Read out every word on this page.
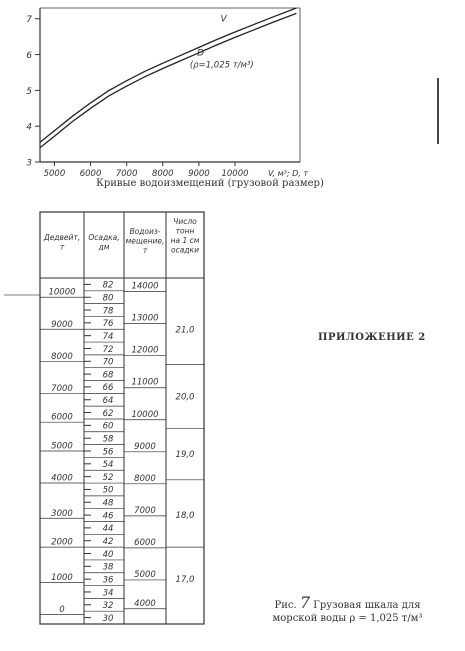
3
4
5
6
7
5000 6000 7000 8000 9000 10000 V, м³; D, т
V
D
(ρ=1,025 т/м³)
Кривые водоизмещений (грузовой размер)
Дедвейт, т
Осадка, дм
Водоиз-мещение, т
Число тонн на 1 см осадки
82
80
78
76
74
72
70
68
66
64
62
60
58
56
54
52
50
48
46
44
42
40
38
36
34
32
30
10000
9000
8000
7000
6000
5000
4000
3000
2000
1000
0
14000
13000
12000
11000
10000
9000
8000
7000
6000
5000
4000
21,0
20,0
19,0
18,0
17,0
ПРИЛОЖЕНИЕ 2
Рис. 7 Грузовая шкала для
морской воды ρ = 1,025 т/м³
